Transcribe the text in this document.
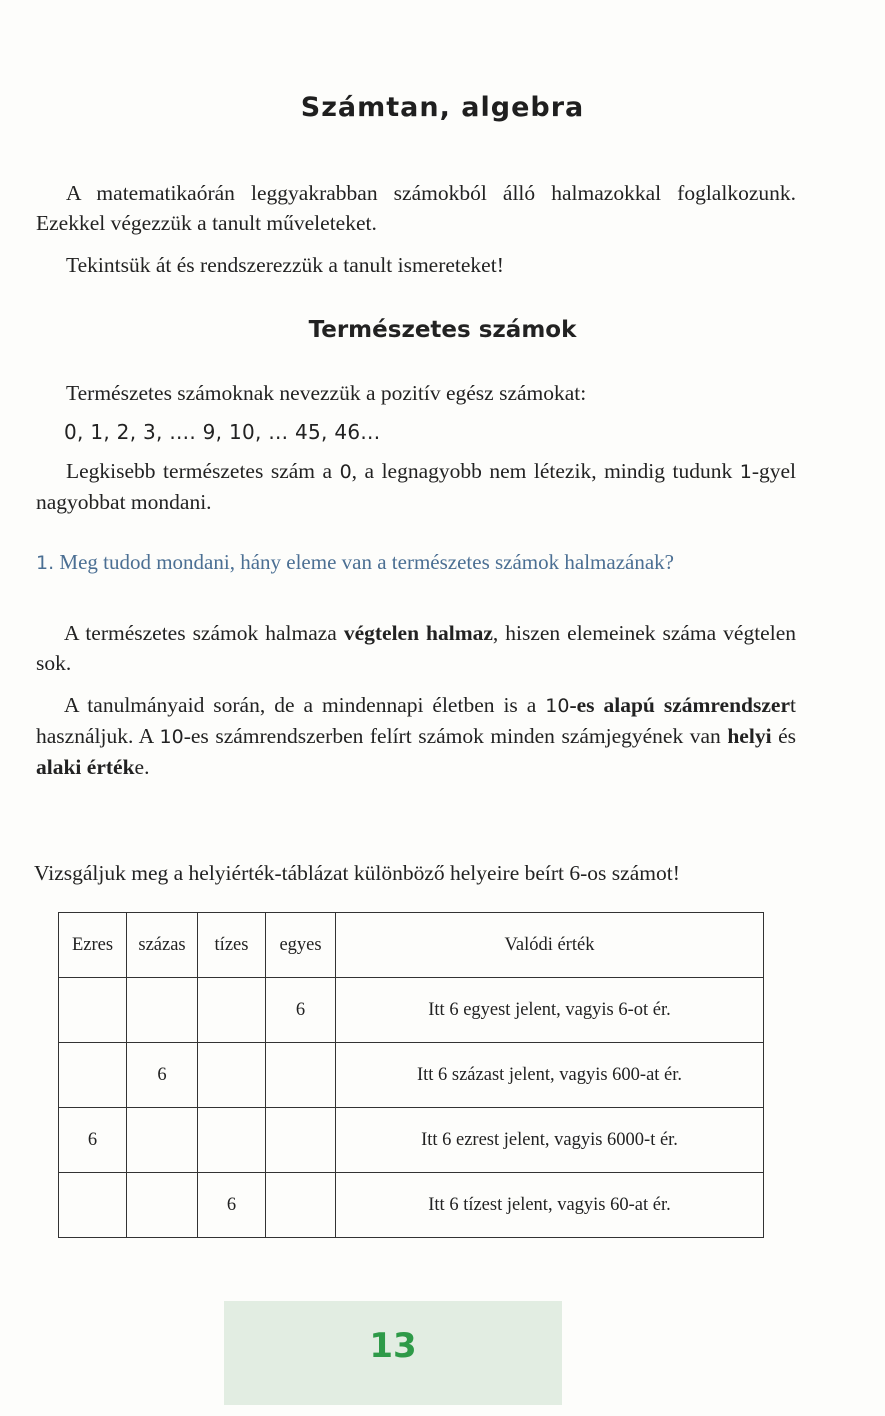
Számtan, algebra

A matematikaórán leggyakrabban számokból álló halmazokkal foglalkozunk. Ezekkel végezzük a tanult műveleteket.

Tekintsük át és rendszerezzük a tanult ismereteket!

Természetes számok

Természetes számoknak nevezzük a pozitív egész számokat:

0, 1, 2, 3, .... 9, 10, ... 45, 46...

Legkisebb természetes szám a 0, a legnagyobb nem létezik, mindig tudunk 1-gyel nagyobbat mondani.

1. Meg tudod mondani, hány eleme van a természetes számok halmazának?

A természetes számok halmaza végtelen halmaz, hiszen elemeinek száma végtelen sok.

A tanulmányaid során, de a mindennapi életben is a 10-es alapú számrendszert használjuk. A 10-es számrendszerben felírt számok minden számjegyének van helyi és alaki értéke.

Vizsgáljuk meg a helyiérték-táblázat különböző helyeire beírt 6-os számot!

Ezres	százas	tízes	egyes	Valódi érték
			6	Itt 6 egyest jelent, vagyis 6-ot ér.
	6			Itt 6 százast jelent, vagyis 600-at ér.
6				Itt 6 ezrest jelent, vagyis 6000-t ér.
		6		Itt 6 tízest jelent, vagyis 60-at ér.
13
